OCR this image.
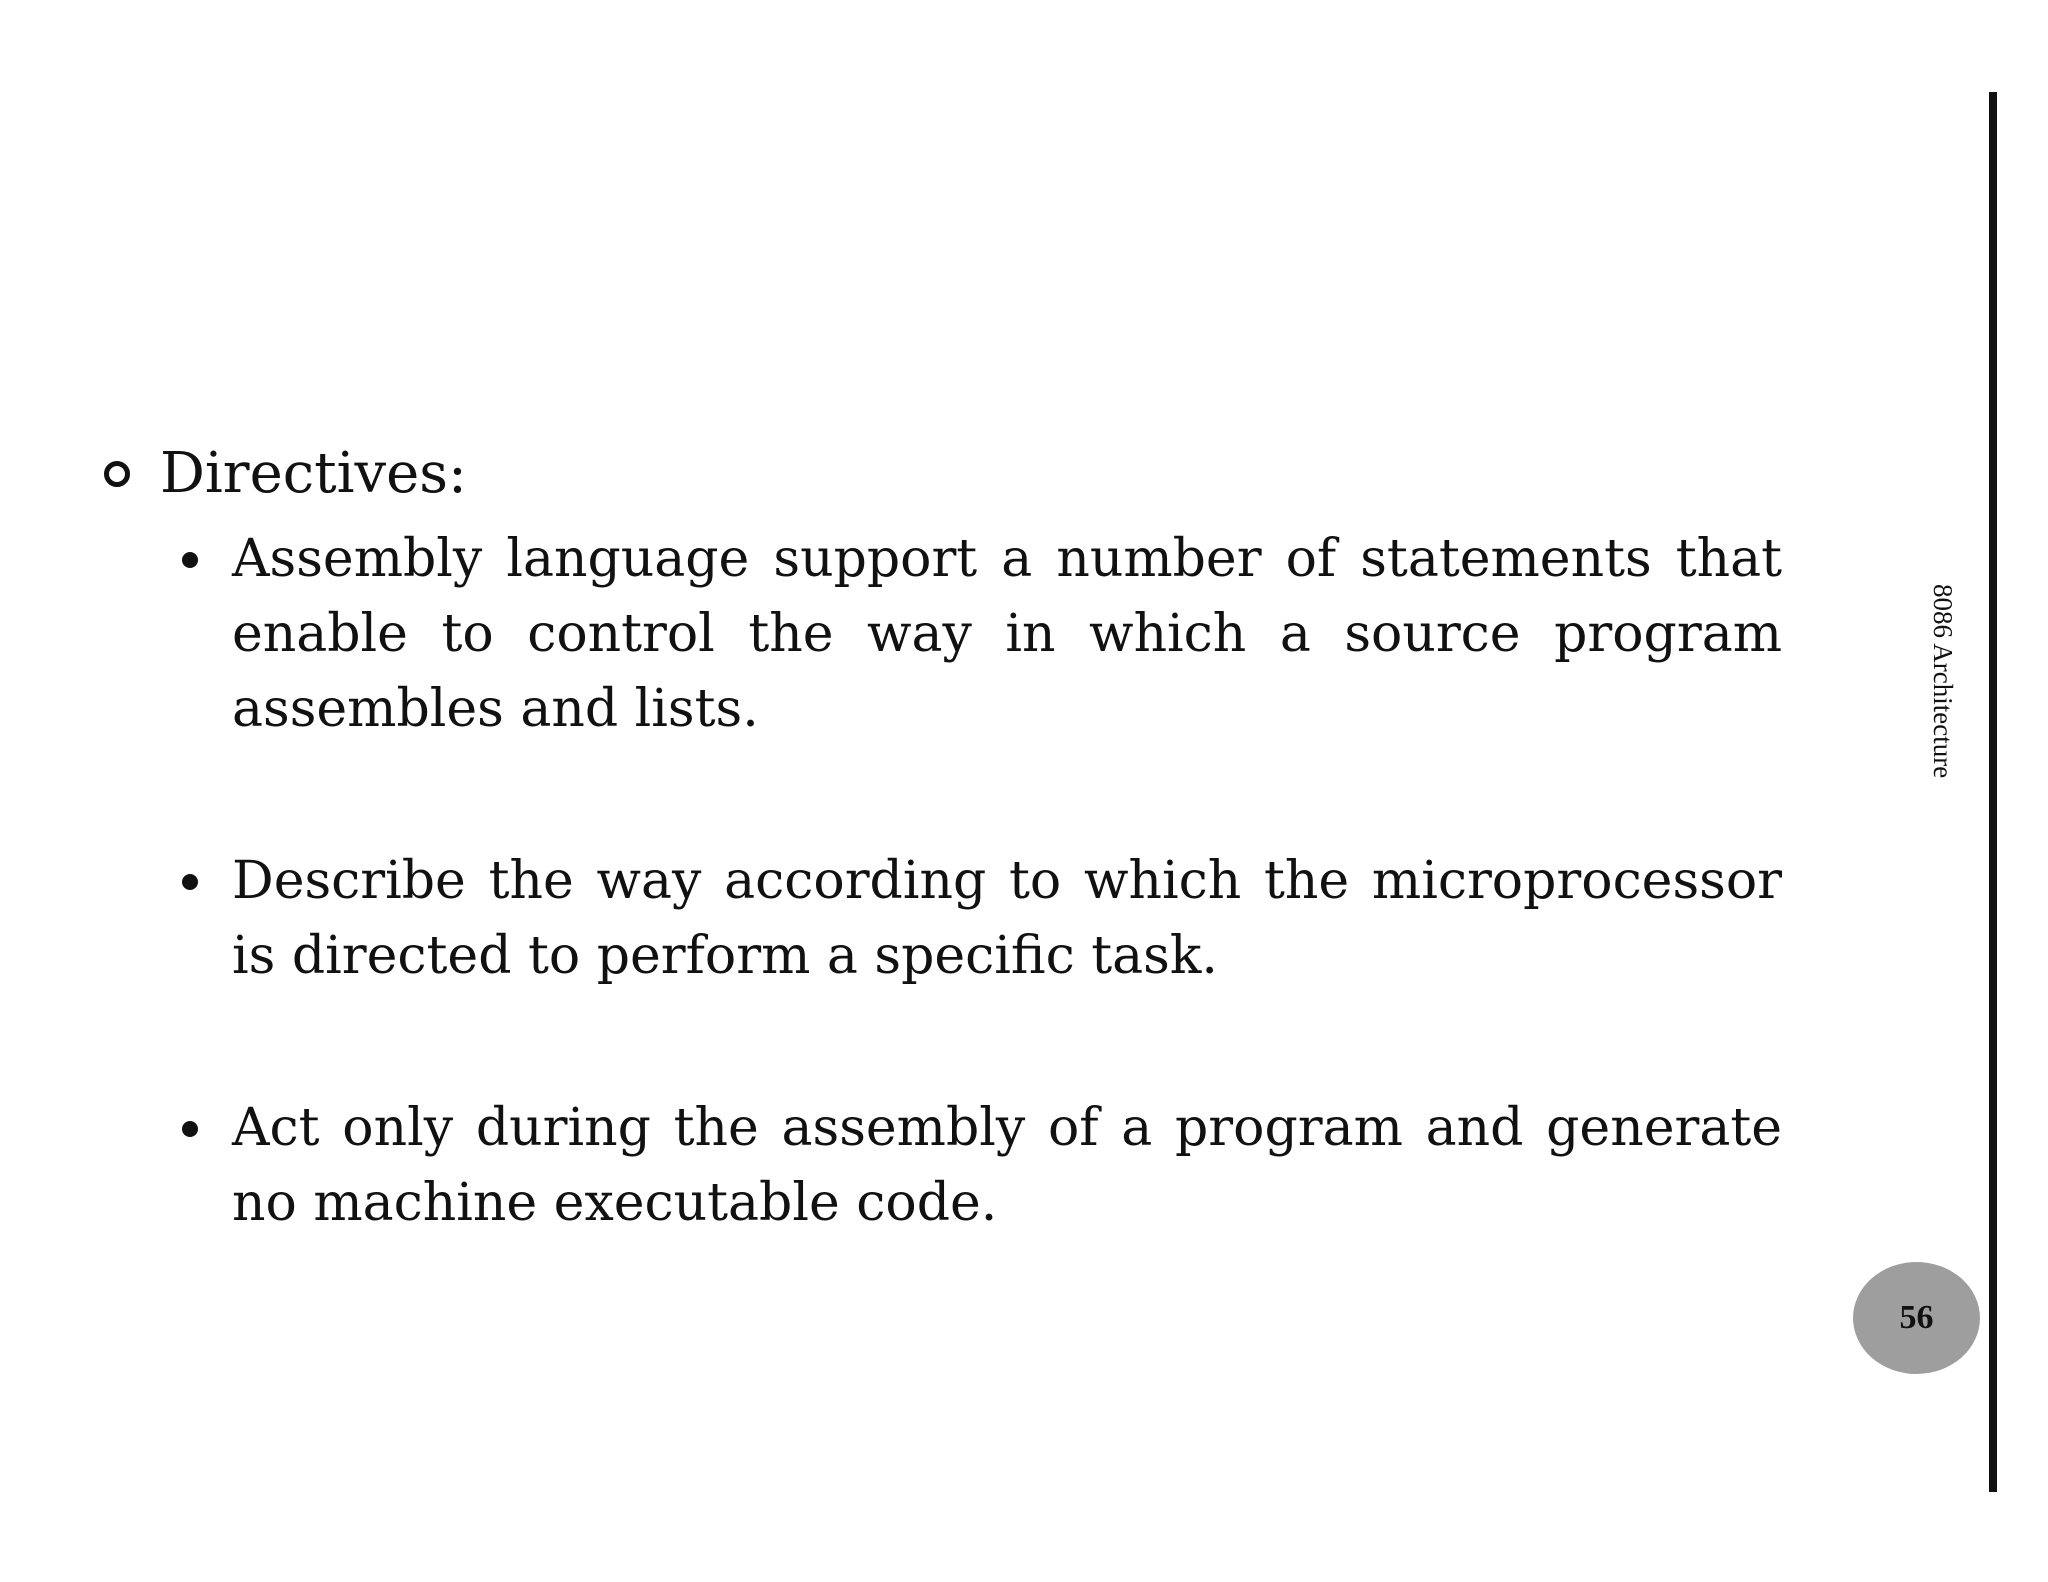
8086 Architecture
56
Directives:
Assembly language support a number of statements that enable to control the way in which a source program assembles and lists.
Describe the way according to which the microprocessor is directed to perform a specific task.
Act only during the assembly of a program and generate no machine executable code.
